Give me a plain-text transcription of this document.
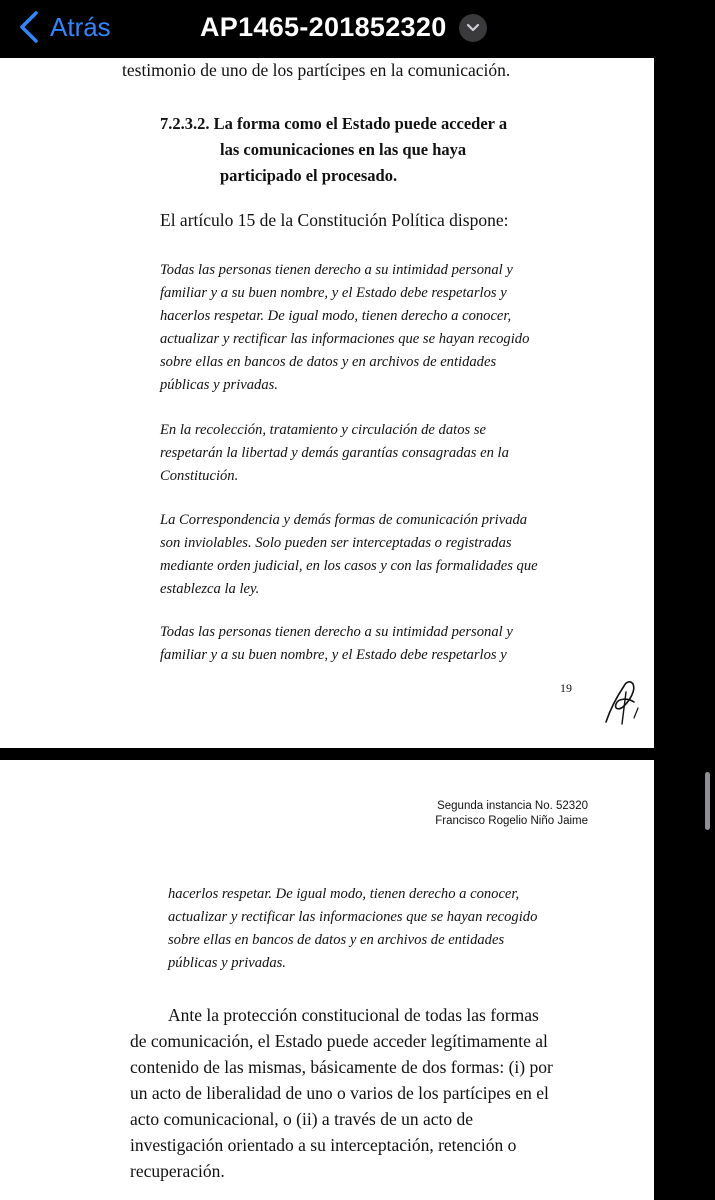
Atrás	AP1465-201852320
testimonio de uno de los partícipes en la comunicación.
7.2.3.2. La forma como el Estado puede acceder a
las comunicaciones en las que haya
participado el procesado.
El artículo 15 de la Constitución Política dispone:
Todas las personas tienen derecho a su intimidad personal y
familiar y a su buen nombre, y el Estado debe respetarlos y
hacerlos respetar. De igual modo, tienen derecho a conocer,
actualizar y rectificar las informaciones que se hayan recogido
sobre ellas en bancos de datos y en archivos de entidades
públicas y privadas.
En la recolección, tratamiento y circulación de datos se
respetarán la libertad y demás garantías consagradas en la
Constitución.
La Correspondencia y demás formas de comunicación privada
son inviolables. Solo pueden ser interceptadas o registradas
mediante orden judicial, en los casos y con las formalidades que
establezca la ley.
Todas las personas tienen derecho a su intimidad personal y
familiar y a su buen nombre, y el Estado debe respetarlos y
19
Segunda instancia No. 52320
Francisco Rogelio Niño Jaime
hacerlos respetar. De igual modo, tienen derecho a conocer,
actualizar y rectificar las informaciones que se hayan recogido
sobre ellas en bancos de datos y en archivos de entidades
públicas y privadas.
Ante la protección constitucional de todas las formas
de comunicación, el Estado puede acceder legítimamente al
contenido de las mismas, básicamente de dos formas: (i) por
un acto de liberalidad de uno o varios de los partícipes en el
acto comunicacional, o (ii) a través de un acto de
investigación orientado a su interceptación, retención o
recuperación.
